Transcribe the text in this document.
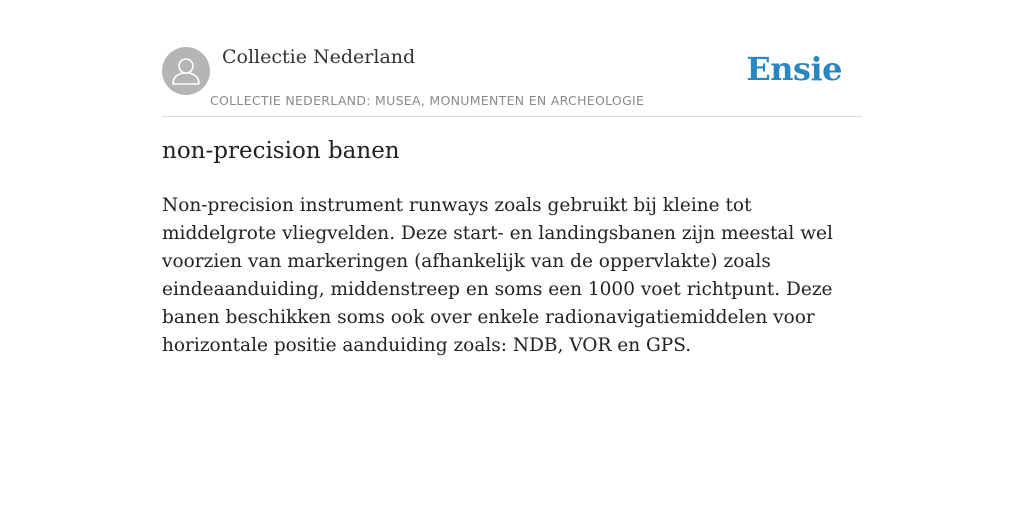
Collectie Nederland
COLLECTIE NEDERLAND: MUSEA, MONUMENTEN EN ARCHEOLOGIE
Ensie
non-precision banen

Non-precision instrument runways zoals gebruikt bij kleine tot middelgrote vliegvelden. Deze start- en landingsbanen zijn meestal wel voorzien van markeringen (afhankelijk van de oppervlakte) zoals eindeaanduiding, middenstreep en soms een 1000 voet richtpunt. Deze banen beschikken soms ook over enkele radionavigatiemiddelen voor horizontale positie aanduiding zoals: NDB, VOR en GPS.
